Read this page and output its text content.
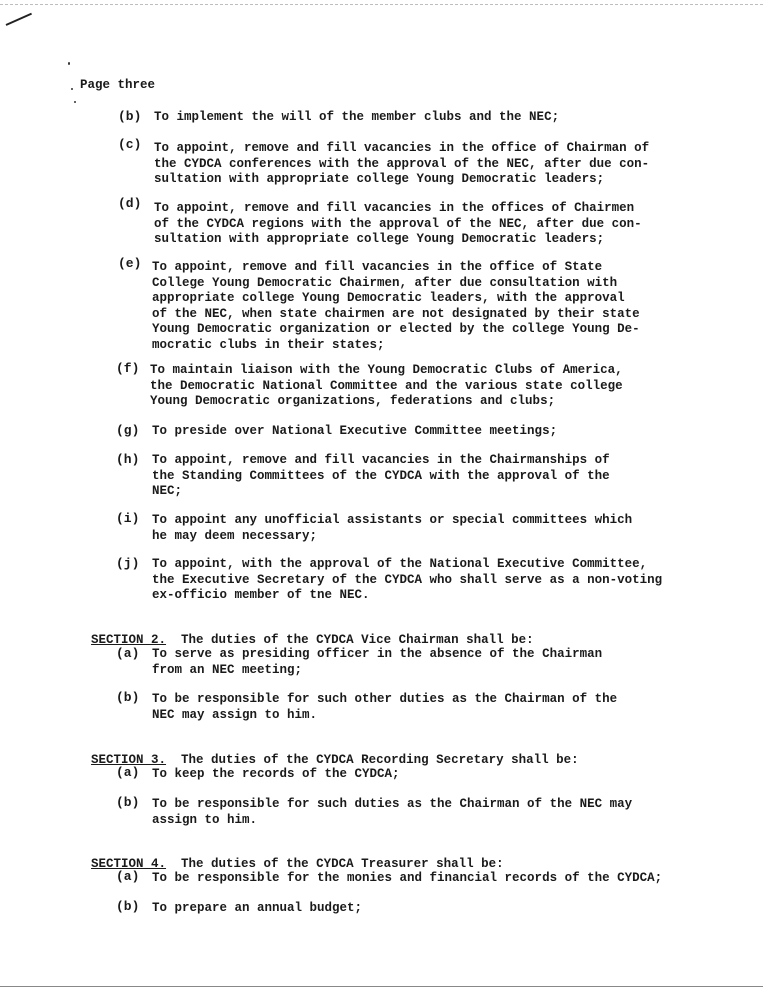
Page three
(b) To implement the will of the member clubs and the NEC;
(c) To appoint, remove and fill vacancies in the office of Chairman of
the CYDCA conferences with the approval of the NEC, after due con-
sultation with appropriate college Young Democratic leaders;
(d) To appoint, remove and fill vacancies in the offices of Chairmen
of the CYDCA regions with the approval of the NEC, after due con-
sultation with appropriate college Young Democratic leaders;
(e) To appoint, remove and fill vacancies in the office of State
College Young Democratic Chairmen, after due consultation with
appropriate college Young Democratic leaders, with the approval
of the NEC, when state chairmen are not designated by their state
Young Democratic organization or elected by the college Young De-
mocratic clubs in their states;
(f) To maintain liaison with the Young Democratic Clubs of America,
the Democratic National Committee and the various state college
Young Democratic organizations, federations and clubs;
(g) To preside over National Executive Committee meetings;
(h) To appoint, remove and fill vacancies in the Chairmanships of
the Standing Committees of the CYDCA with the approval of the
NEC;
(i) To appoint any unofficial assistants or special committees which
he may deem necessary;
(j) To appoint, with the approval of the National Executive Committee,
the Executive Secretary of the CYDCA who shall serve as a non-voting
ex-officio member of tne NEC.

SECTION 2. The duties of the CYDCA Vice Chairman shall be:

(a) To serve as presiding officer in the absence of the Chairman
from an NEC meeting;
(b) To be responsible for such other duties as the Chairman of the
NEC may assign to him.

SECTION 3. The duties of the CYDCA Recording Secretary shall be:

(a) To keep the records of the CYDCA;
(b) To be responsible for such duties as the Chairman of the NEC may
assign to him.

SECTION 4. The duties of the CYDCA Treasurer shall be:

(a) To be responsible for the monies and financial records of the CYDCA;
(b) To prepare an annual budget;
